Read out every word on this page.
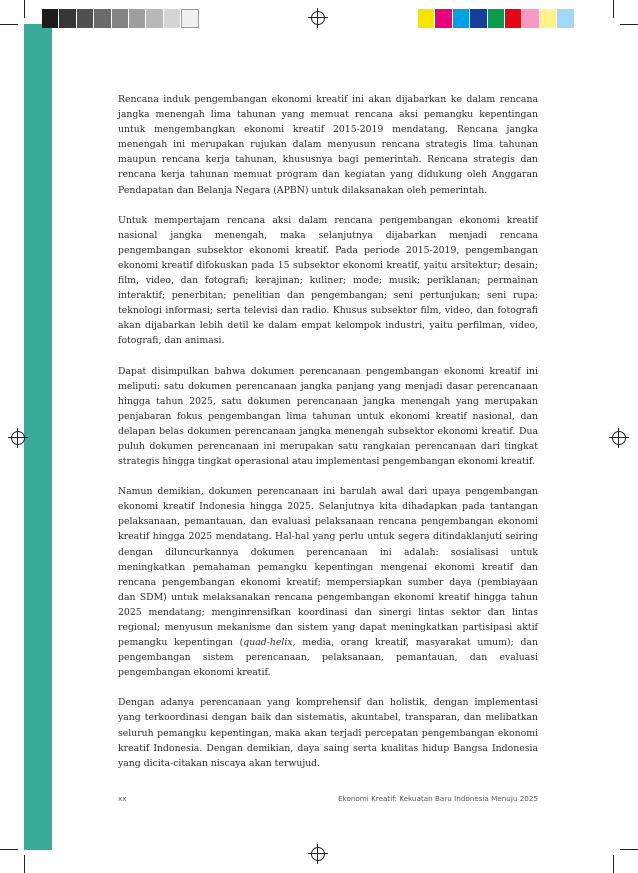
Rencana induk pengembangan ekonomi kreatif ini akan dijabarkan ke dalam rencana jangka menengah lima tahunan yang memuat rencana aksi pemangku kepentingan untuk mengembangkan ekonomi kreatif 2015-2019 mendatang. Rencana jangka menengah ini merupakan rujukan dalam menyusun rencana strategis lima tahunan maupun rencana kerja tahunan, khususnya bagi pemerintah. Rencana strategis dan rencana kerja tahunan memuat program dan kegiatan yang didukung oleh Anggaran Pendapatan dan Belanja Negara (APBN) untuk dilaksanakan oleh pemerintah.

Untuk mempertajam rencana aksi dalam rencana pengembangan ekonomi kreatif nasional jangka menengah, maka selanjutnya dijabarkan menjadi rencana pengembangan subsektor ekonomi kreatif. Pada periode 2015-2019, pengembangan ekonomi kreatif difokuskan pada 15 subsektor ekonomi kreatif, yaitu arsitektur; desain; film, video, dan fotografi; kerajinan; kuliner; mode; musik; periklanan; permainan interaktif; penerbitan; penelitian dan pengembangan; seni pertunjukan; seni rupa; teknologi informasi; serta televisi dan radio. Khusus subsektor film, video, dan fotografi akan dijabarkan lebih detil ke dalam empat kelompok industri, yaitu perfilman, video, fotografi, dan animasi.

Dapat disimpulkan bahwa dokumen perencanaan pengembangan ekonomi kreatif ini meliputi: satu dokumen perencanaan jangka panjang yang menjadi dasar perencanaan hingga tahun 2025, satu dokumen perencanaan jangka menengah yang merupakan penjabaran fokus pengembangan lima tahunan untuk ekonomi kreatif nasional, dan delapan belas dokumen perencanaan jangka menengah subsektor ekonomi kreatif. Dua puluh dokumen perencanaan ini merupakan satu rangkaian perencanaan dari tingkat strategis hingga tingkat operasional atau implementasi pengembangan ekonomi kreatif.

Namun demikian, dokumen perencanaan ini barulah awal dari upaya pengembangan ekonomi kreatif Indonesia hingga 2025. Selanjutnya kita dihadapkan pada tantangan pelaksanaan, pemantauan, dan evaluasi pelaksanaan rencana pengembangan ekonomi kreatif hingga 2025 mendatang. Hal-hal yang perlu untuk segera ditindaklanjuti seiring dengan diluncurkannya dokumen perencanaan ini adalah: sosialisasi untuk meningkatkan pemahaman pemangku kepentingan mengenai ekonomi kreatif dan rencana pengembangan ekonomi kreatif; mempersiapkan sumber daya (pembiayaan dan SDM) untuk melaksanakan rencana pengembangan ekonomi kreatif hingga tahun 2025 mendatang; menginrensifkan koordinasi dan sinergi lintas sektor dan lintas regional; menyusun mekanisme dan sistem yang dapat meningkatkan partisipasi aktif pemangku kepentingan (quad-helix, media, orang kreatif, masyarakat umum); dan pengembangan sistem perencanaan, pelaksanaan, pemantauan, dan evaluasi pengembangan ekonomi kreatif.

Dengan adanya perencanaan yang komprehensif dan holistik, dengan implementasi yang terkoordinasi dengan baik dan sistematis, akuntabel, transparan, dan melibatkan seluruh pemangku kepentingan, maka akan terjadi percepatan pengembangan ekonomi kreatif Indonesia. Dengan demikian, daya saing serta kualitas hidup Bangsa Indonesia yang dicita-citakan niscaya akan terwujud.

xx	Ekonomi Kreatif: Kekuatan Baru Indonesia Menuju 2025
